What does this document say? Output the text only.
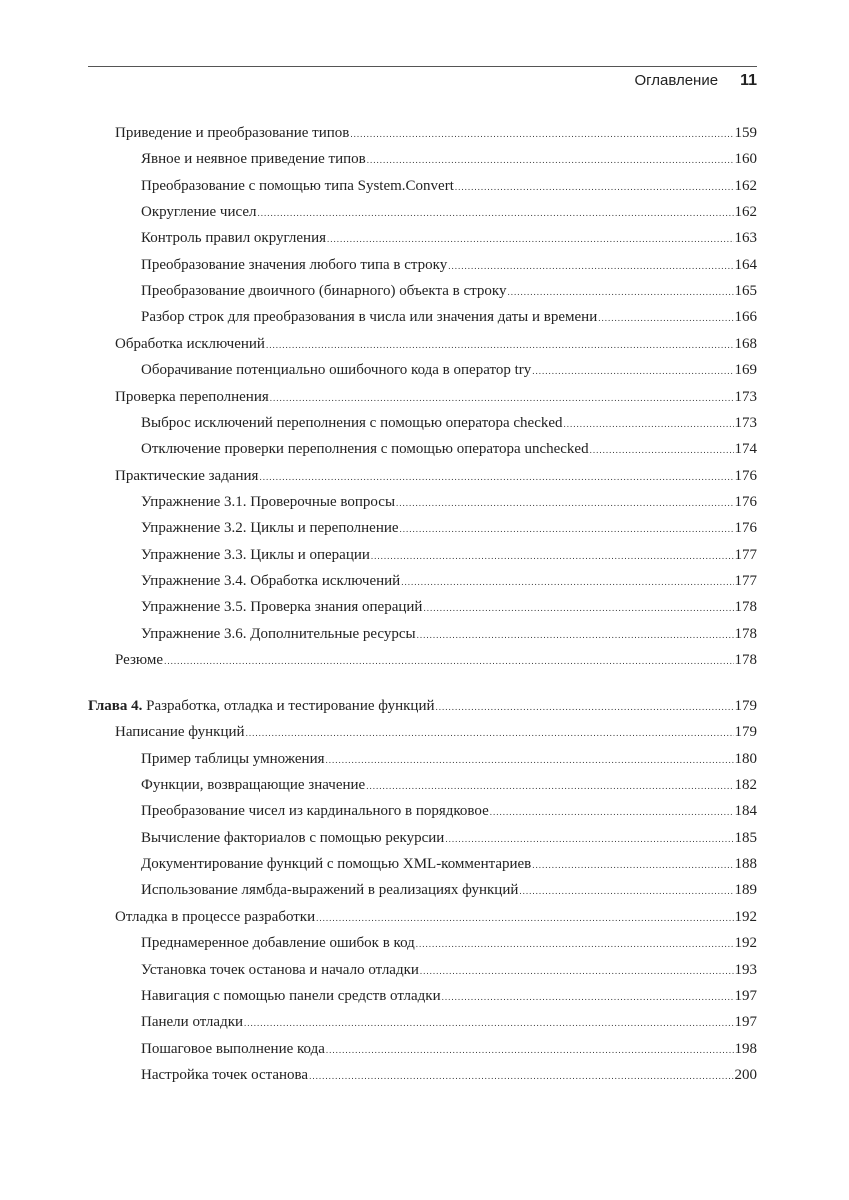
Оглавление 11
Приведение и преобразование типов .....	159
Явное и неявное приведение типов .....	160
Преобразование с помощью типа System.Convert .....	162
Округление чисел .....	162
Контроль правил округления .....	163
Преобразование значения любого типа в строку .....	164
Преобразование двоичного (бинарного) объекта в строку .....	165
Разбор строк для преобразования в числа или значения даты и времени .....	166
Обработка исключений .....	168
Оборачивание потенциально ошибочного кода в оператор try .....	169
Проверка переполнения .....	173
Выброс исключений переполнения с помощью оператора checked .....	173
Отключение проверки переполнения с помощью оператора unchecked .....	174
Практические задания .....	176
Упражнение 3.1. Проверочные вопросы .....	176
Упражнение 3.2. Циклы и переполнение .....	176
Упражнение 3.3. Циклы и операции .....	177
Упражнение 3.4. Обработка исключений .....	177
Упражнение 3.5. Проверка знания операций .....	178
Упражнение 3.6. Дополнительные ресурсы .....	178
Резюме .....	178
Глава 4. Разработка, отладка и тестирование функций .....	179
Написание функций .....	179
Пример таблицы умножения .....	180
Функции, возвращающие значение .....	182
Преобразование чисел из кардинального в порядковое .....	184
Вычисление факториалов с помощью рекурсии .....	185
Документирование функций с помощью XML-комментариев .....	188
Использование лямбда-выражений в реализациях функций .....	189
Отладка в процессе разработки .....	192
Преднамеренное добавление ошибок в код .....	192
Установка точек останова и начало отладки .....	193
Навигация с помощью панели средств отладки .....	197
Панели отладки .....	197
Пошаговое выполнение кода .....	198
Настройка точек останова .....	200
